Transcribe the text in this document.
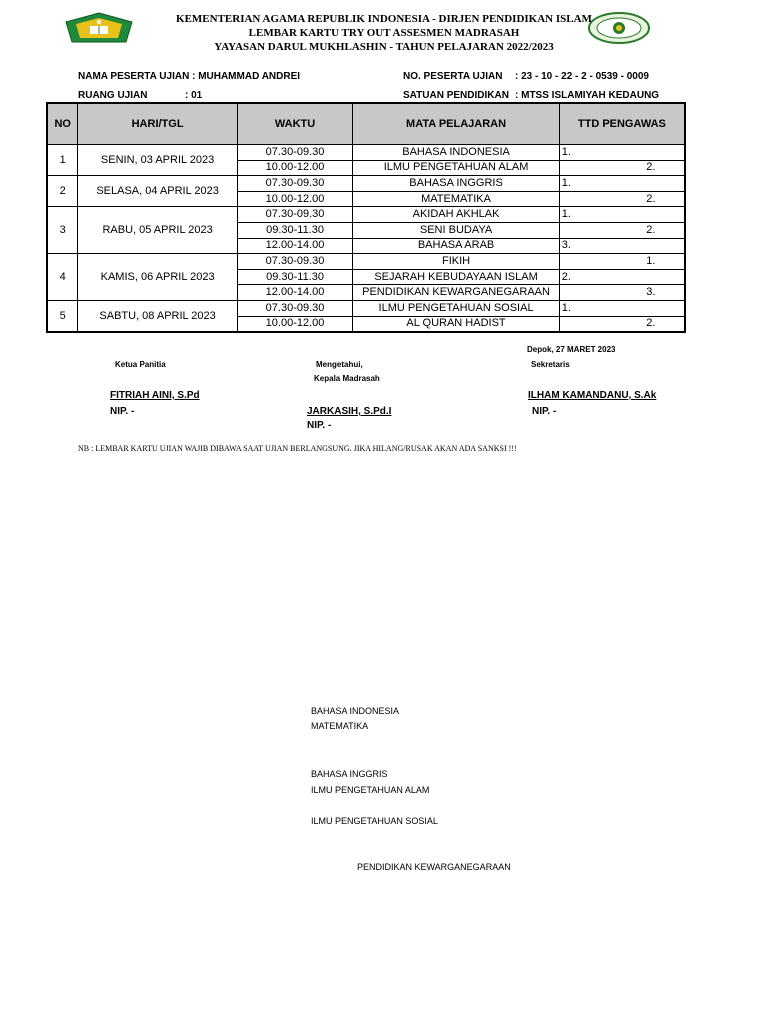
KEMENTERIAN AGAMA REPUBLIK INDONESIA - DIRJEN PENDIDIKAN ISLAM
LEMBAR KARTU TRY OUT ASSESMEN MADRASAH
YAYASAN DARUL MUKHLASHIN - TAHUN PELAJARAN 2022/2023
NAMA PESERTA UJIAN : MUHAMMAD ANDREI
RUANG UJIAN	: 01
NO. PESERTA UJIAN : 23 - 10 - 22 - 2 - 0539 - 0009
SATUAN PENDIDIKAN : MTSS ISLAMIYAH KEDAUNG
NO	HARI/TGL	WAKTU	MATA PELAJARAN	TTD PENGAWAS
1	SENIN, 03 APRIL 2023	07.30-09.30	BAHASA INDONESIA	1.
		10.00-12.00	ILMU PENGETAHUAN ALAM	2.
2	SELASA, 04 APRIL 2023	07.30-09.30	BAHASA INGGRIS	1.
		10.00-12.00	MATEMATIKA	2.
3	RABU, 05 APRIL 2023	07.30-09.30	AKIDAH AKHLAK	1.
		09.30-11.30	SENI BUDAYA	2.
		12.00-14.00	BAHASA ARAB	3.
4	KAMIS, 06 APRIL 2023	07.30-09.30	FIKIH	1.
		09.30-11.30	SEJARAH KEBUDAYAAN ISLAM	2.
		12.00-14.00	PENDIDIKAN KEWARGANEGARAAN	3.
5	SABTU, 08 APRIL 2023	07.30-09.30	ILMU PENGETAHUAN SOSIAL	1.
		10.00-12.00	AL QURAN HADIST	2.
Depok, 27 MARET 2023
Ketua Panitia	Mengetahui,	Sekretaris
Kepala Madrasah
FITRIAH AINI, S.Pd	ILHAM KAMANDANU, S.Ak
NIP. -	JARKASIH, S.Pd.I	NIP. -
NIP. -
NB : LEMBAR KARTU UJIAN WAJIB DIBAWA SAAT UJIAN BERLANGSUNG. JIKA HILANG/RUSAK AKAN ADA SANKSI !!!
BAHASA INDONESIA
MATEMATIKA
BAHASA INGGRIS
ILMU PENGETAHUAN ALAM
ILMU PENGETAHUAN SOSIAL
PENDIDIKAN KEWARGANEGARAAN
